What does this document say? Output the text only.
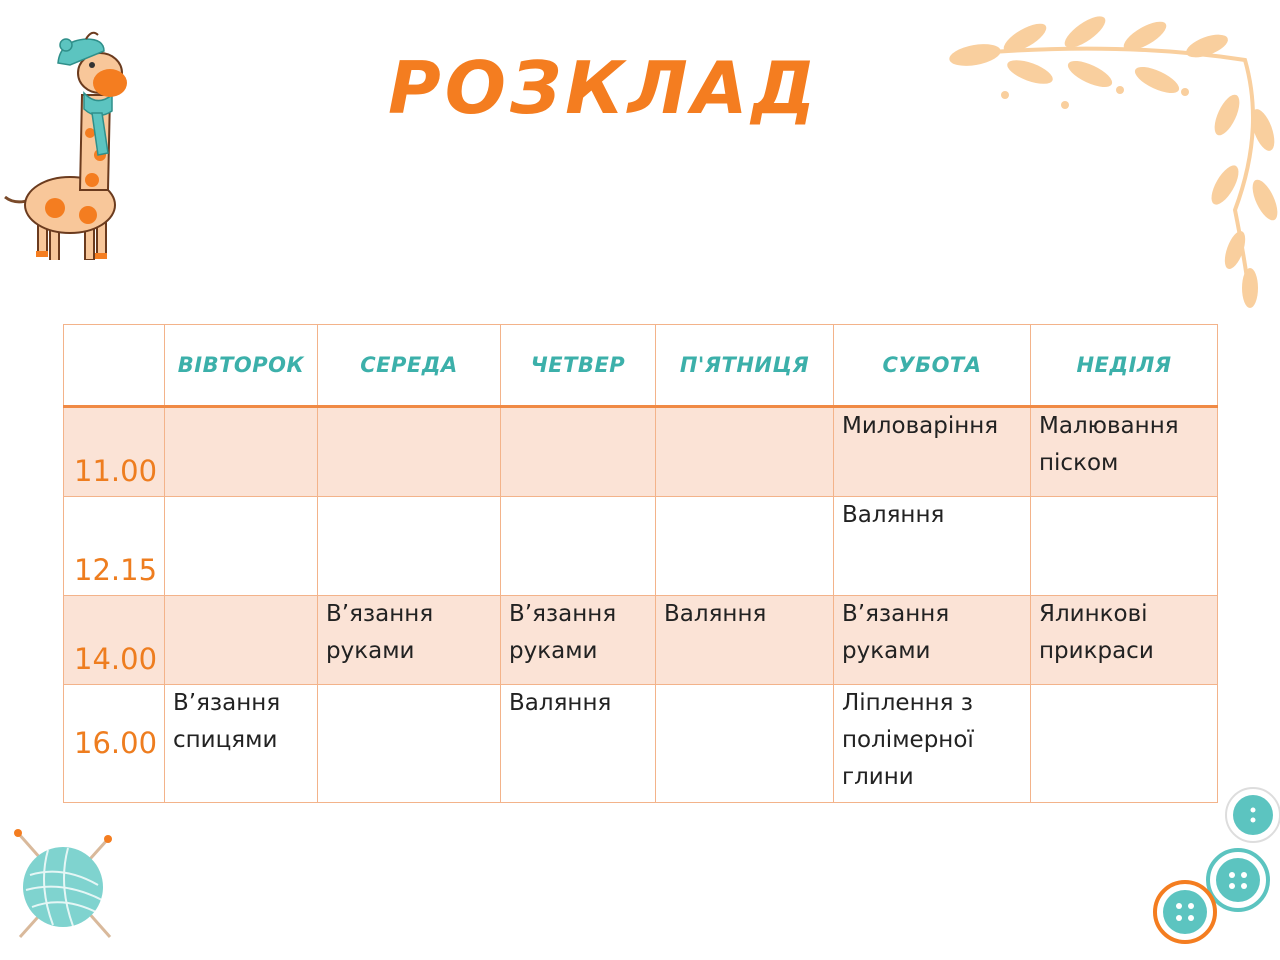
РОЗКЛАД
	ВІВТОРОК	СЕРЕДА	ЧЕТВЕР	П'ЯТНИЦЯ	СУБОТА	НЕДІЛЯ
11.00					Миловаріння	Малювання піском
12.15					Валяння	
14.00		В’язання руками	В’язання руками	Валяння	В’язання руками	Ялинкові прикраси
16.00	В’язання спицями		Валяння		Ліплення з полімерної глини	
